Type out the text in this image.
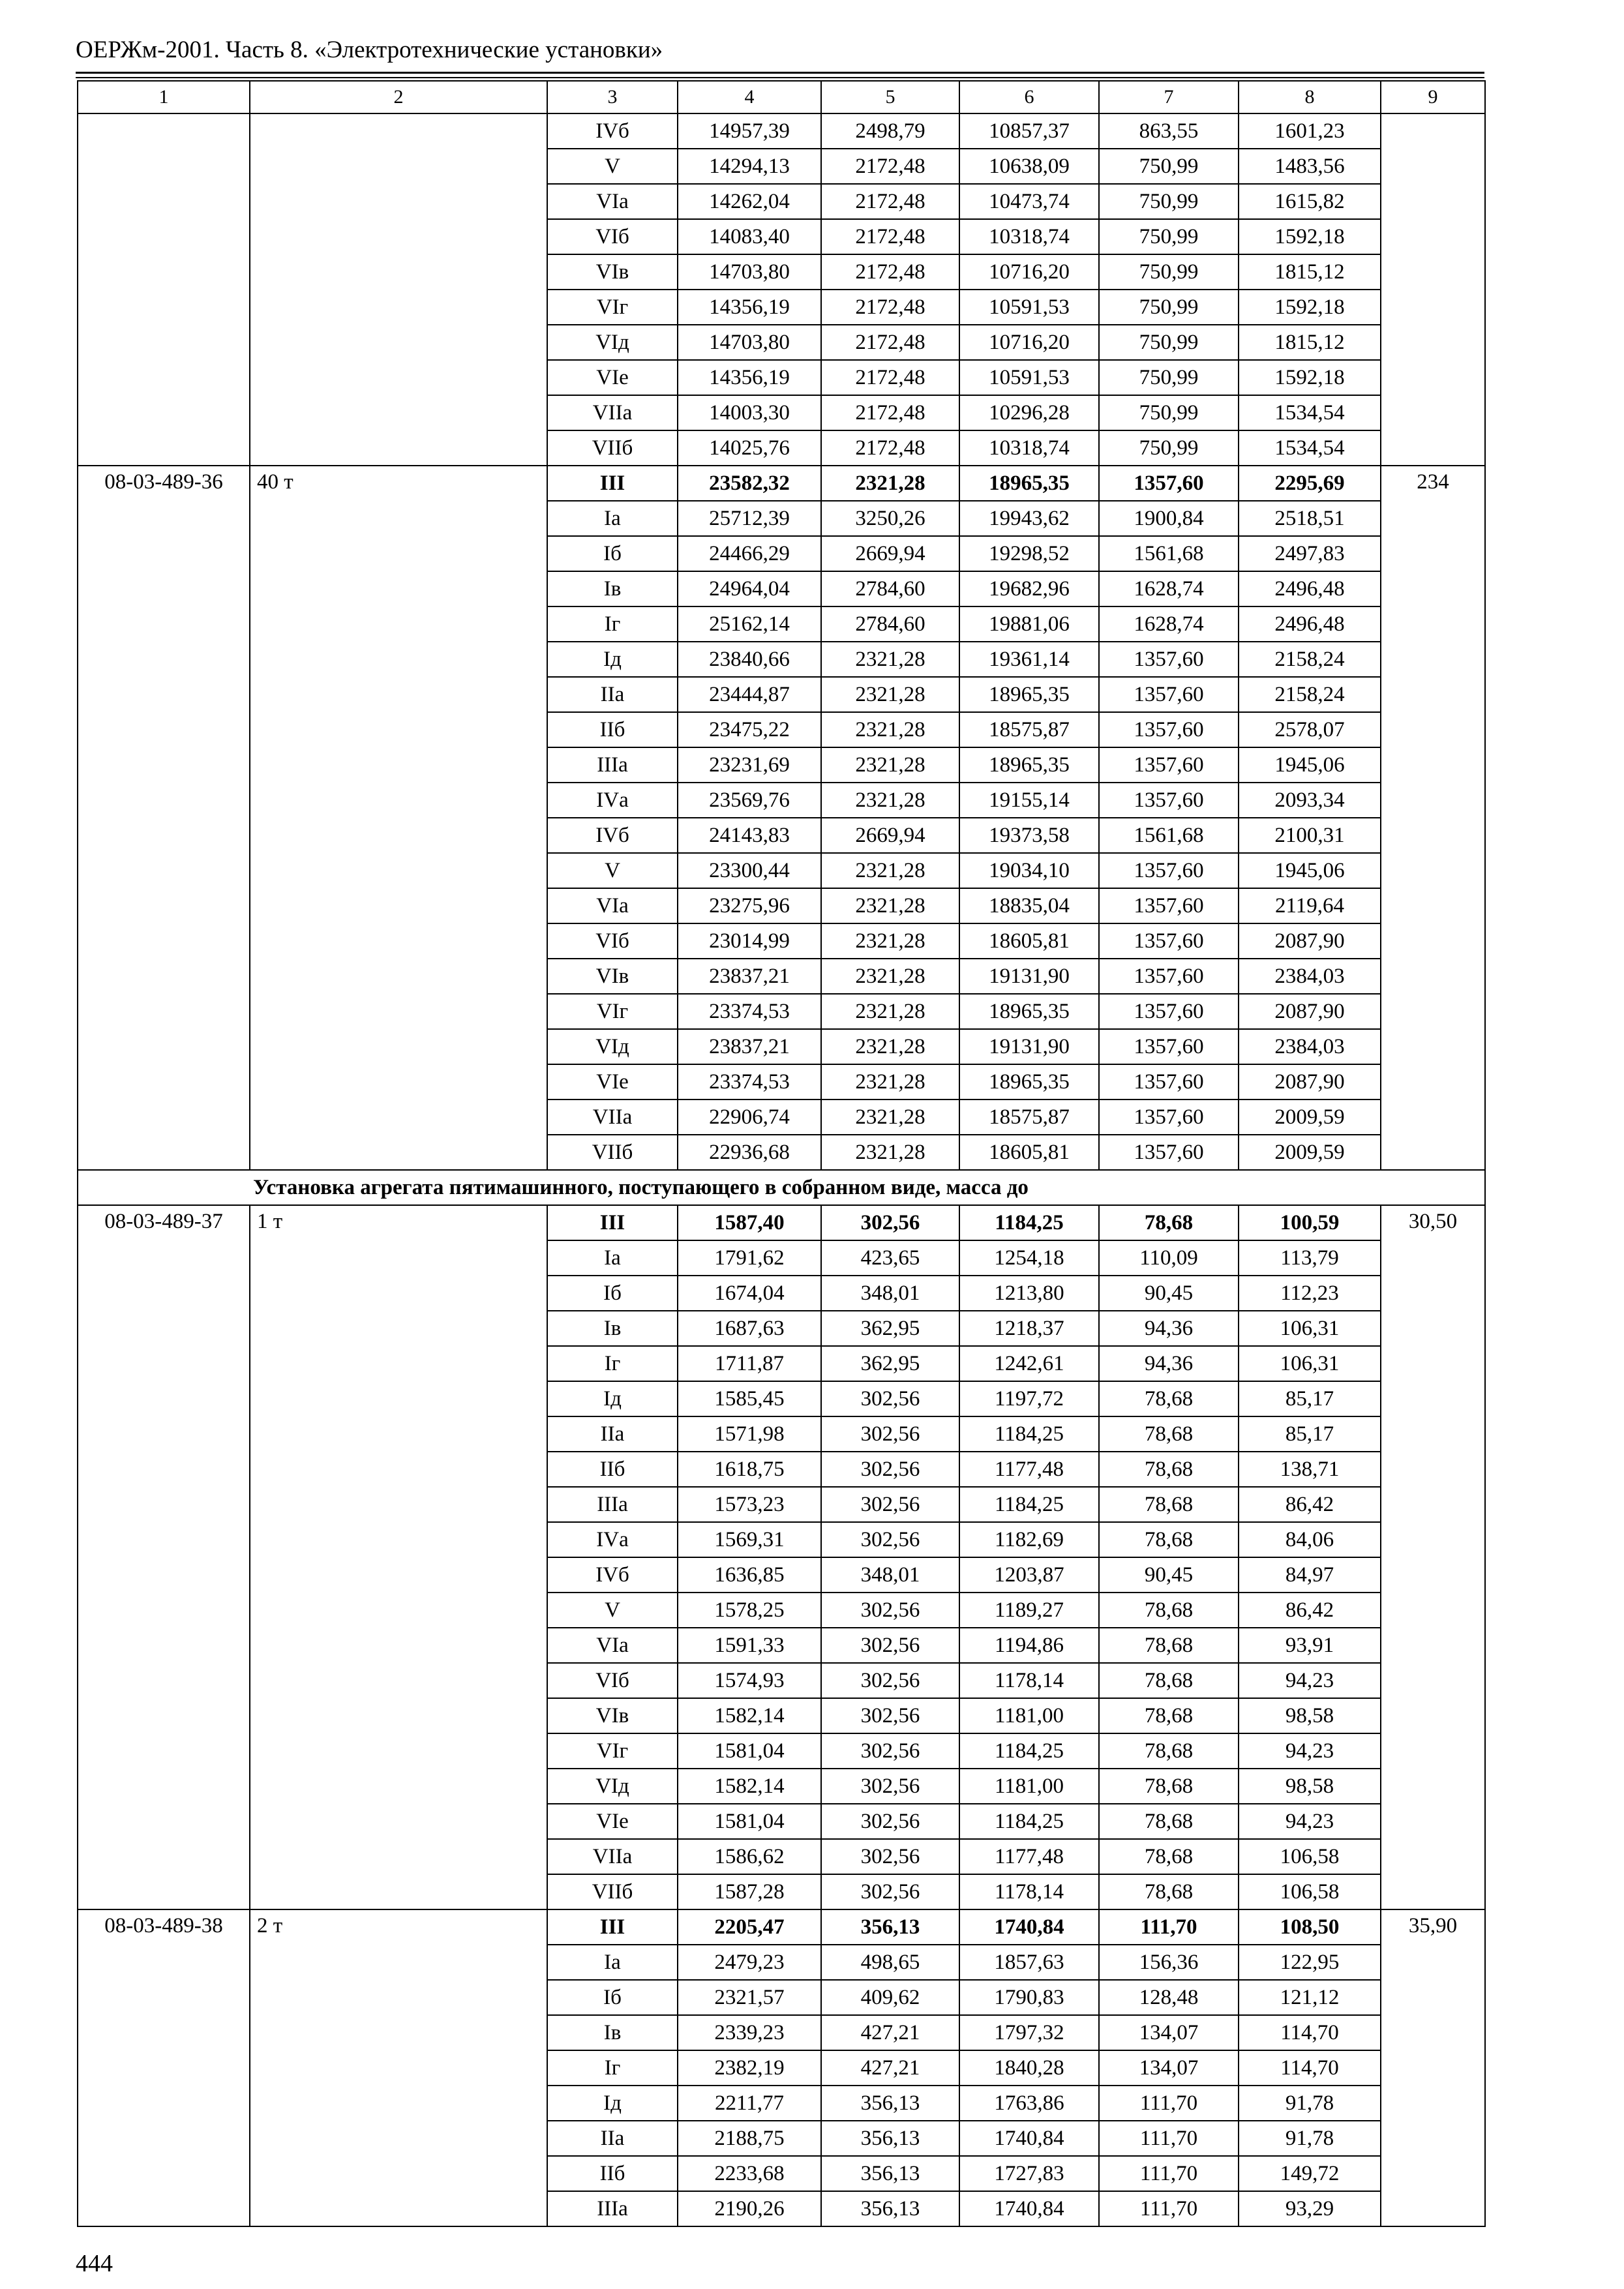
ОЕРЖм-2001. Часть 8. «Электротехнические установки»
1	2	3	4	5	6	7	8	9
		IVб	14957,39	2498,79	10857,37	863,55	1601,23	
		V	14294,13	2172,48	10638,09	750,99	1483,56	
		VIа	14262,04	2172,48	10473,74	750,99	1615,82	
		VIб	14083,40	2172,48	10318,74	750,99	1592,18	
		VIв	14703,80	2172,48	10716,20	750,99	1815,12	
		VIг	14356,19	2172,48	10591,53	750,99	1592,18	
		VIд	14703,80	2172,48	10716,20	750,99	1815,12	
		VIе	14356,19	2172,48	10591,53	750,99	1592,18	
		VIIа	14003,30	2172,48	10296,28	750,99	1534,54	
		VIIб	14025,76	2172,48	10318,74	750,99	1534,54	
08-03-489-36	40 т	III	23582,32	2321,28	18965,35	1357,60	2295,69	234
		Iа	25712,39	3250,26	19943,62	1900,84	2518,51	
		Iб	24466,29	2669,94	19298,52	1561,68	2497,83	
		Iв	24964,04	2784,60	19682,96	1628,74	2496,48	
		Iг	25162,14	2784,60	19881,06	1628,74	2496,48	
		Iд	23840,66	2321,28	19361,14	1357,60	2158,24	
		IIа	23444,87	2321,28	18965,35	1357,60	2158,24	
		IIб	23475,22	2321,28	18575,87	1357,60	2578,07	
		IIIа	23231,69	2321,28	18965,35	1357,60	1945,06	
		IVа	23569,76	2321,28	19155,14	1357,60	2093,34	
		IVб	24143,83	2669,94	19373,58	1561,68	2100,31	
		V	23300,44	2321,28	19034,10	1357,60	1945,06	
		VIа	23275,96	2321,28	18835,04	1357,60	2119,64	
		VIб	23014,99	2321,28	18605,81	1357,60	2087,90	
		VIв	23837,21	2321,28	19131,90	1357,60	2384,03	
		VIг	23374,53	2321,28	18965,35	1357,60	2087,90	
		VIд	23837,21	2321,28	19131,90	1357,60	2384,03	
		VIе	23374,53	2321,28	18965,35	1357,60	2087,90	
		VIIа	22906,74	2321,28	18575,87	1357,60	2009,59	
		VIIб	22936,68	2321,28	18605,81	1357,60	2009,59	
Установка агрегата пятимашинного, поступающего в собранном виде, масса до								
08-03-489-37	1 т	III	1587,40	302,56	1184,25	78,68	100,59	30,50
		Iа	1791,62	423,65	1254,18	110,09	113,79	
		Iб	1674,04	348,01	1213,80	90,45	112,23	
		Iв	1687,63	362,95	1218,37	94,36	106,31	
		Iг	1711,87	362,95	1242,61	94,36	106,31	
		Iд	1585,45	302,56	1197,72	78,68	85,17	
		IIа	1571,98	302,56	1184,25	78,68	85,17	
		IIб	1618,75	302,56	1177,48	78,68	138,71	
		IIIа	1573,23	302,56	1184,25	78,68	86,42	
		IVа	1569,31	302,56	1182,69	78,68	84,06	
		IVб	1636,85	348,01	1203,87	90,45	84,97	
		V	1578,25	302,56	1189,27	78,68	86,42	
		VIа	1591,33	302,56	1194,86	78,68	93,91	
		VIб	1574,93	302,56	1178,14	78,68	94,23	
		VIв	1582,14	302,56	1181,00	78,68	98,58	
		VIг	1581,04	302,56	1184,25	78,68	94,23	
		VIд	1582,14	302,56	1181,00	78,68	98,58	
		VIе	1581,04	302,56	1184,25	78,68	94,23	
		VIIа	1586,62	302,56	1177,48	78,68	106,58	
		VIIб	1587,28	302,56	1178,14	78,68	106,58	
08-03-489-38	2 т	III	2205,47	356,13	1740,84	111,70	108,50	35,90
		Iа	2479,23	498,65	1857,63	156,36	122,95	
		Iб	2321,57	409,62	1790,83	128,48	121,12	
		Iв	2339,23	427,21	1797,32	134,07	114,70	
		Iг	2382,19	427,21	1840,28	134,07	114,70	
		Iд	2211,77	356,13	1763,86	111,70	91,78	
		IIа	2188,75	356,13	1740,84	111,70	91,78	
		IIб	2233,68	356,13	1727,83	111,70	149,72	
		IIIа	2190,26	356,13	1740,84	111,70	93,29	
444
